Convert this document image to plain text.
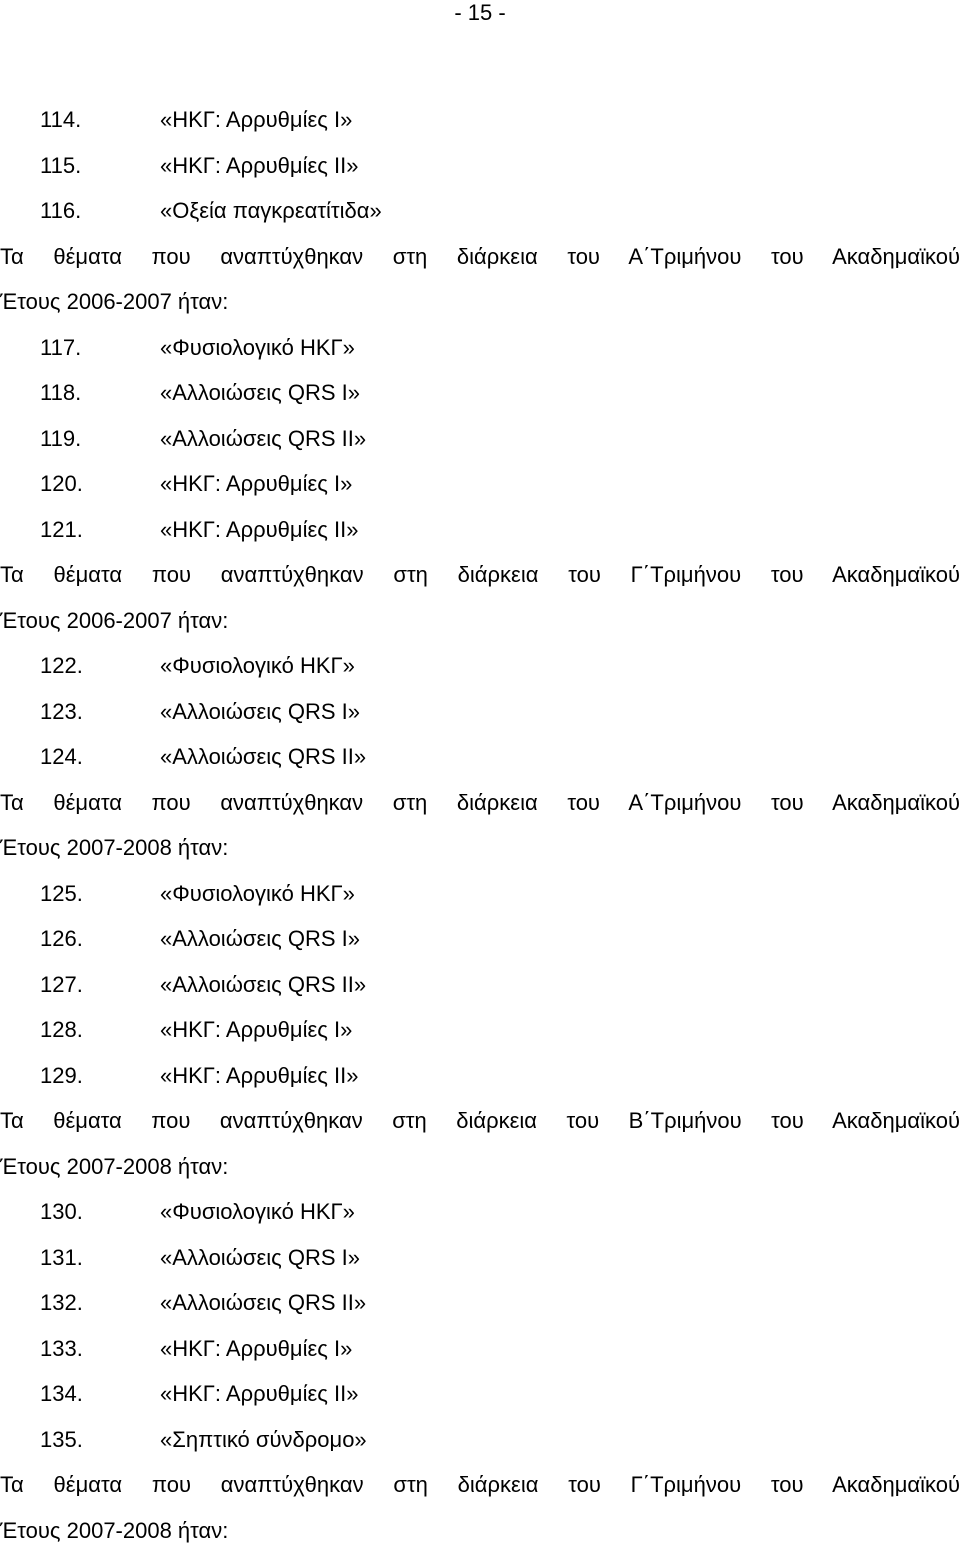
- 15 -
114.	«ΗΚΓ: Αρρυθμίες Ι»
115.	«ΗΚΓ: Αρρυθμίες ΙΙ»
116.	«Οξεία παγκρεατίτιδα»
Τα θέματα που αναπτύχθηκαν στη διάρκεια του Α΄Τριμήνου του Ακαδημαϊκού
Έτους 2006-2007 ήταν:
117.	«Φυσιολογικό ΗΚΓ»
118.	«Αλλοιώσεις QRS Ι»
119.	«Αλλοιώσεις QRS ΙΙ»
120.	«ΗΚΓ: Αρρυθμίες Ι»
121.	«ΗΚΓ: Αρρυθμίες ΙΙ»
Τα θέματα που αναπτύχθηκαν στη διάρκεια του Γ΄Τριμήνου του Ακαδημαϊκού
Έτους 2006-2007 ήταν:
122.	«Φυσιολογικό ΗΚΓ»
123.	«Αλλοιώσεις QRS Ι»
124.	«Αλλοιώσεις QRS ΙΙ»
Τα θέματα που αναπτύχθηκαν στη διάρκεια του Α΄Τριμήνου του Ακαδημαϊκού
Έτους 2007-2008 ήταν:
125.	«Φυσιολογικό ΗΚΓ»
126.	«Αλλοιώσεις QRS Ι»
127.	«Αλλοιώσεις QRS ΙΙ»
128.	«ΗΚΓ: Αρρυθμίες Ι»
129.	«ΗΚΓ: Αρρυθμίες ΙΙ»
Τα θέματα που αναπτύχθηκαν στη διάρκεια του Β΄Τριμήνου του Ακαδημαϊκού
Έτους 2007-2008 ήταν:
130.	«Φυσιολογικό ΗΚΓ»
131.	«Αλλοιώσεις QRS Ι»
132.	«Αλλοιώσεις QRS ΙΙ»
133.	«ΗΚΓ: Αρρυθμίες Ι»
134.	«ΗΚΓ: Αρρυθμίες ΙΙ»
135.	«Σηπτικό σύνδρομο»
Τα θέματα που αναπτύχθηκαν στη διάρκεια του Γ΄Τριμήνου του Ακαδημαϊκού
Έτους 2007-2008 ήταν:
